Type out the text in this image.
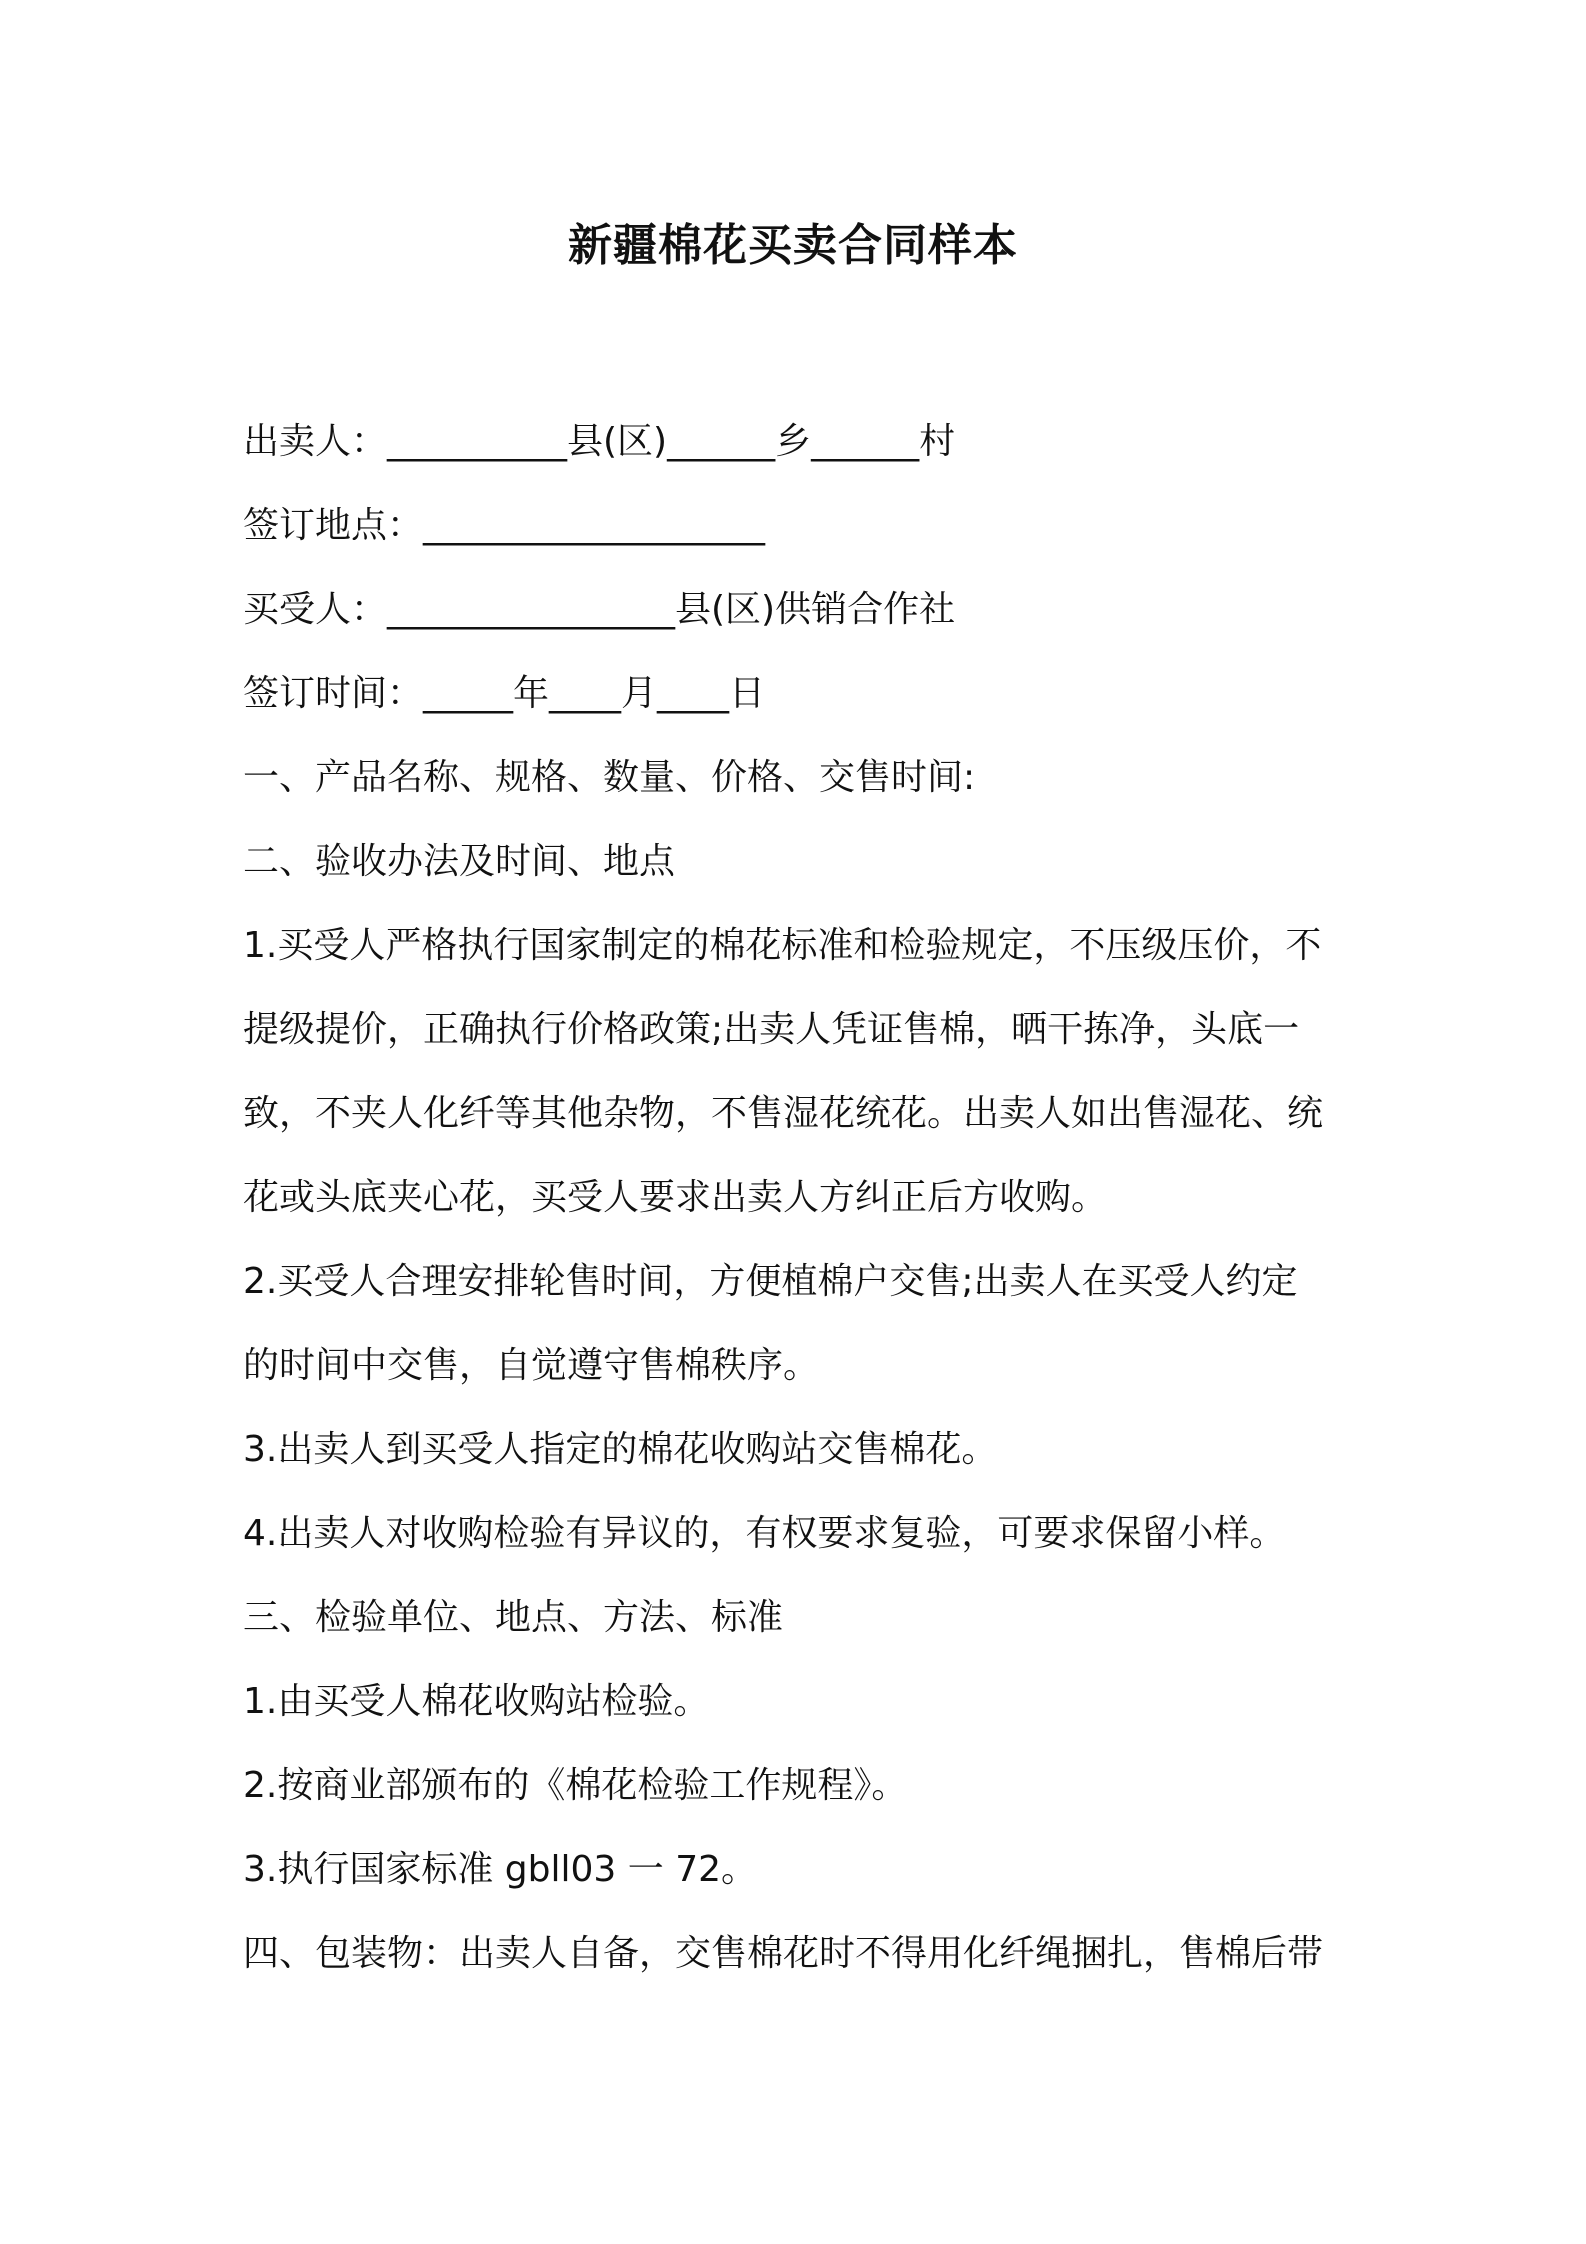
新疆棉花买卖合同样本
出卖人：__________县(区)______乡______村
签订地点：___________________
买受人：________________县(区)供销合作社
签订时间：_____年____月____日
一、产品名称、规格、数量、价格、交售时间:
二、验收办法及时间、地点
1.买受人严格执行国家制定的棉花标准和检验规定，不压级压价，不
提级提价，正确执行价格政策;出卖人凭证售棉，晒干拣净，头底一
致，不夹人化纤等其他杂物，不售湿花统花。出卖人如出售湿花、统
花或头底夹心花，买受人要求出卖人方纠正后方收购。
2.买受人合理安排轮售时间，方便植棉户交售;出卖人在买受人约定
的时间中交售，自觉遵守售棉秩序。
3.出卖人到买受人指定的棉花收购站交售棉花。
4.出卖人对收购检验有异议的，有权要求复验，可要求保留小样。
三、检验单位、地点、方法、标准
1.由买受人棉花收购站检验。
2.按商业部颁布的《棉花检验工作规程》。
3.执行国家标准 gbll03 一 72。
四、包装物：出卖人自备，交售棉花时不得用化纤绳捆扎，售棉后带
